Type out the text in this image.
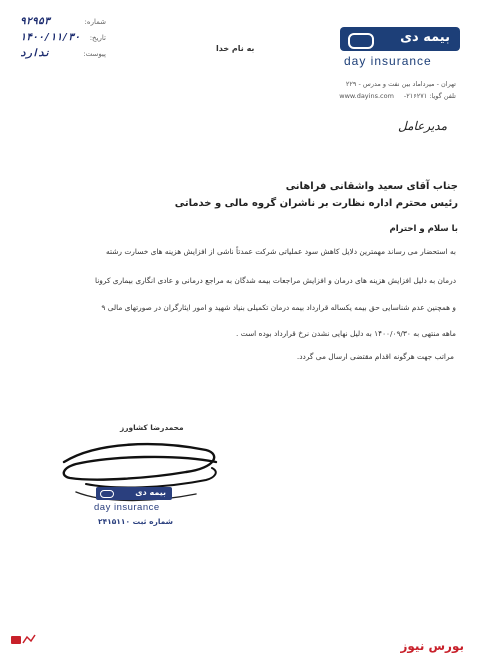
۹۲۹۵۳	شماره:
۱۴۰۰/۱۱/۳۰ تاریخ:
ندارد	پیوست:
به نام خدا
بیمه دی
day insurance
تهران - میرداماد بین نفت و مدرس - ۲۲۹
www.dayins.com تلفن گویا: ۲۱۶۲۷۱-
مدیرعامل
جناب آقای سعید واشقانی فراهانی
رئیس محترم اداره نظارت بر ناشران گروه مالی و خدماتی
با سلام و احترام
به استحضار می رساند مهمترین دلایل کاهش سود عملیاتی شرکت عمدتاً ناشی از افزایش هزینه های خسارت رشته
درمان به دلیل افزایش هزینه های درمان و افزایش مراجعات بیمه شدگان به مراجع درمانی و عادی انگاری بیماری کرونا
و همچنین عدم شناسایی حق بیمه یکساله قرارداد بیمه درمان تکمیلی بنیاد شهید و امور ایثارگران در صورتهای مالی ۹
ماهه منتهی به ۱۴۰۰/۰۹/۳۰ به دلیل نهایی نشدن نرخ قرارداد بوده است .
مراتب جهت هرگونه اقدام مقتضی ارسال می گردد.
محمدرضا کشاورز
بیمه دی
day insurance
شماره ثبت ۲۴۱۵۱۱۰
بورس نیوز
